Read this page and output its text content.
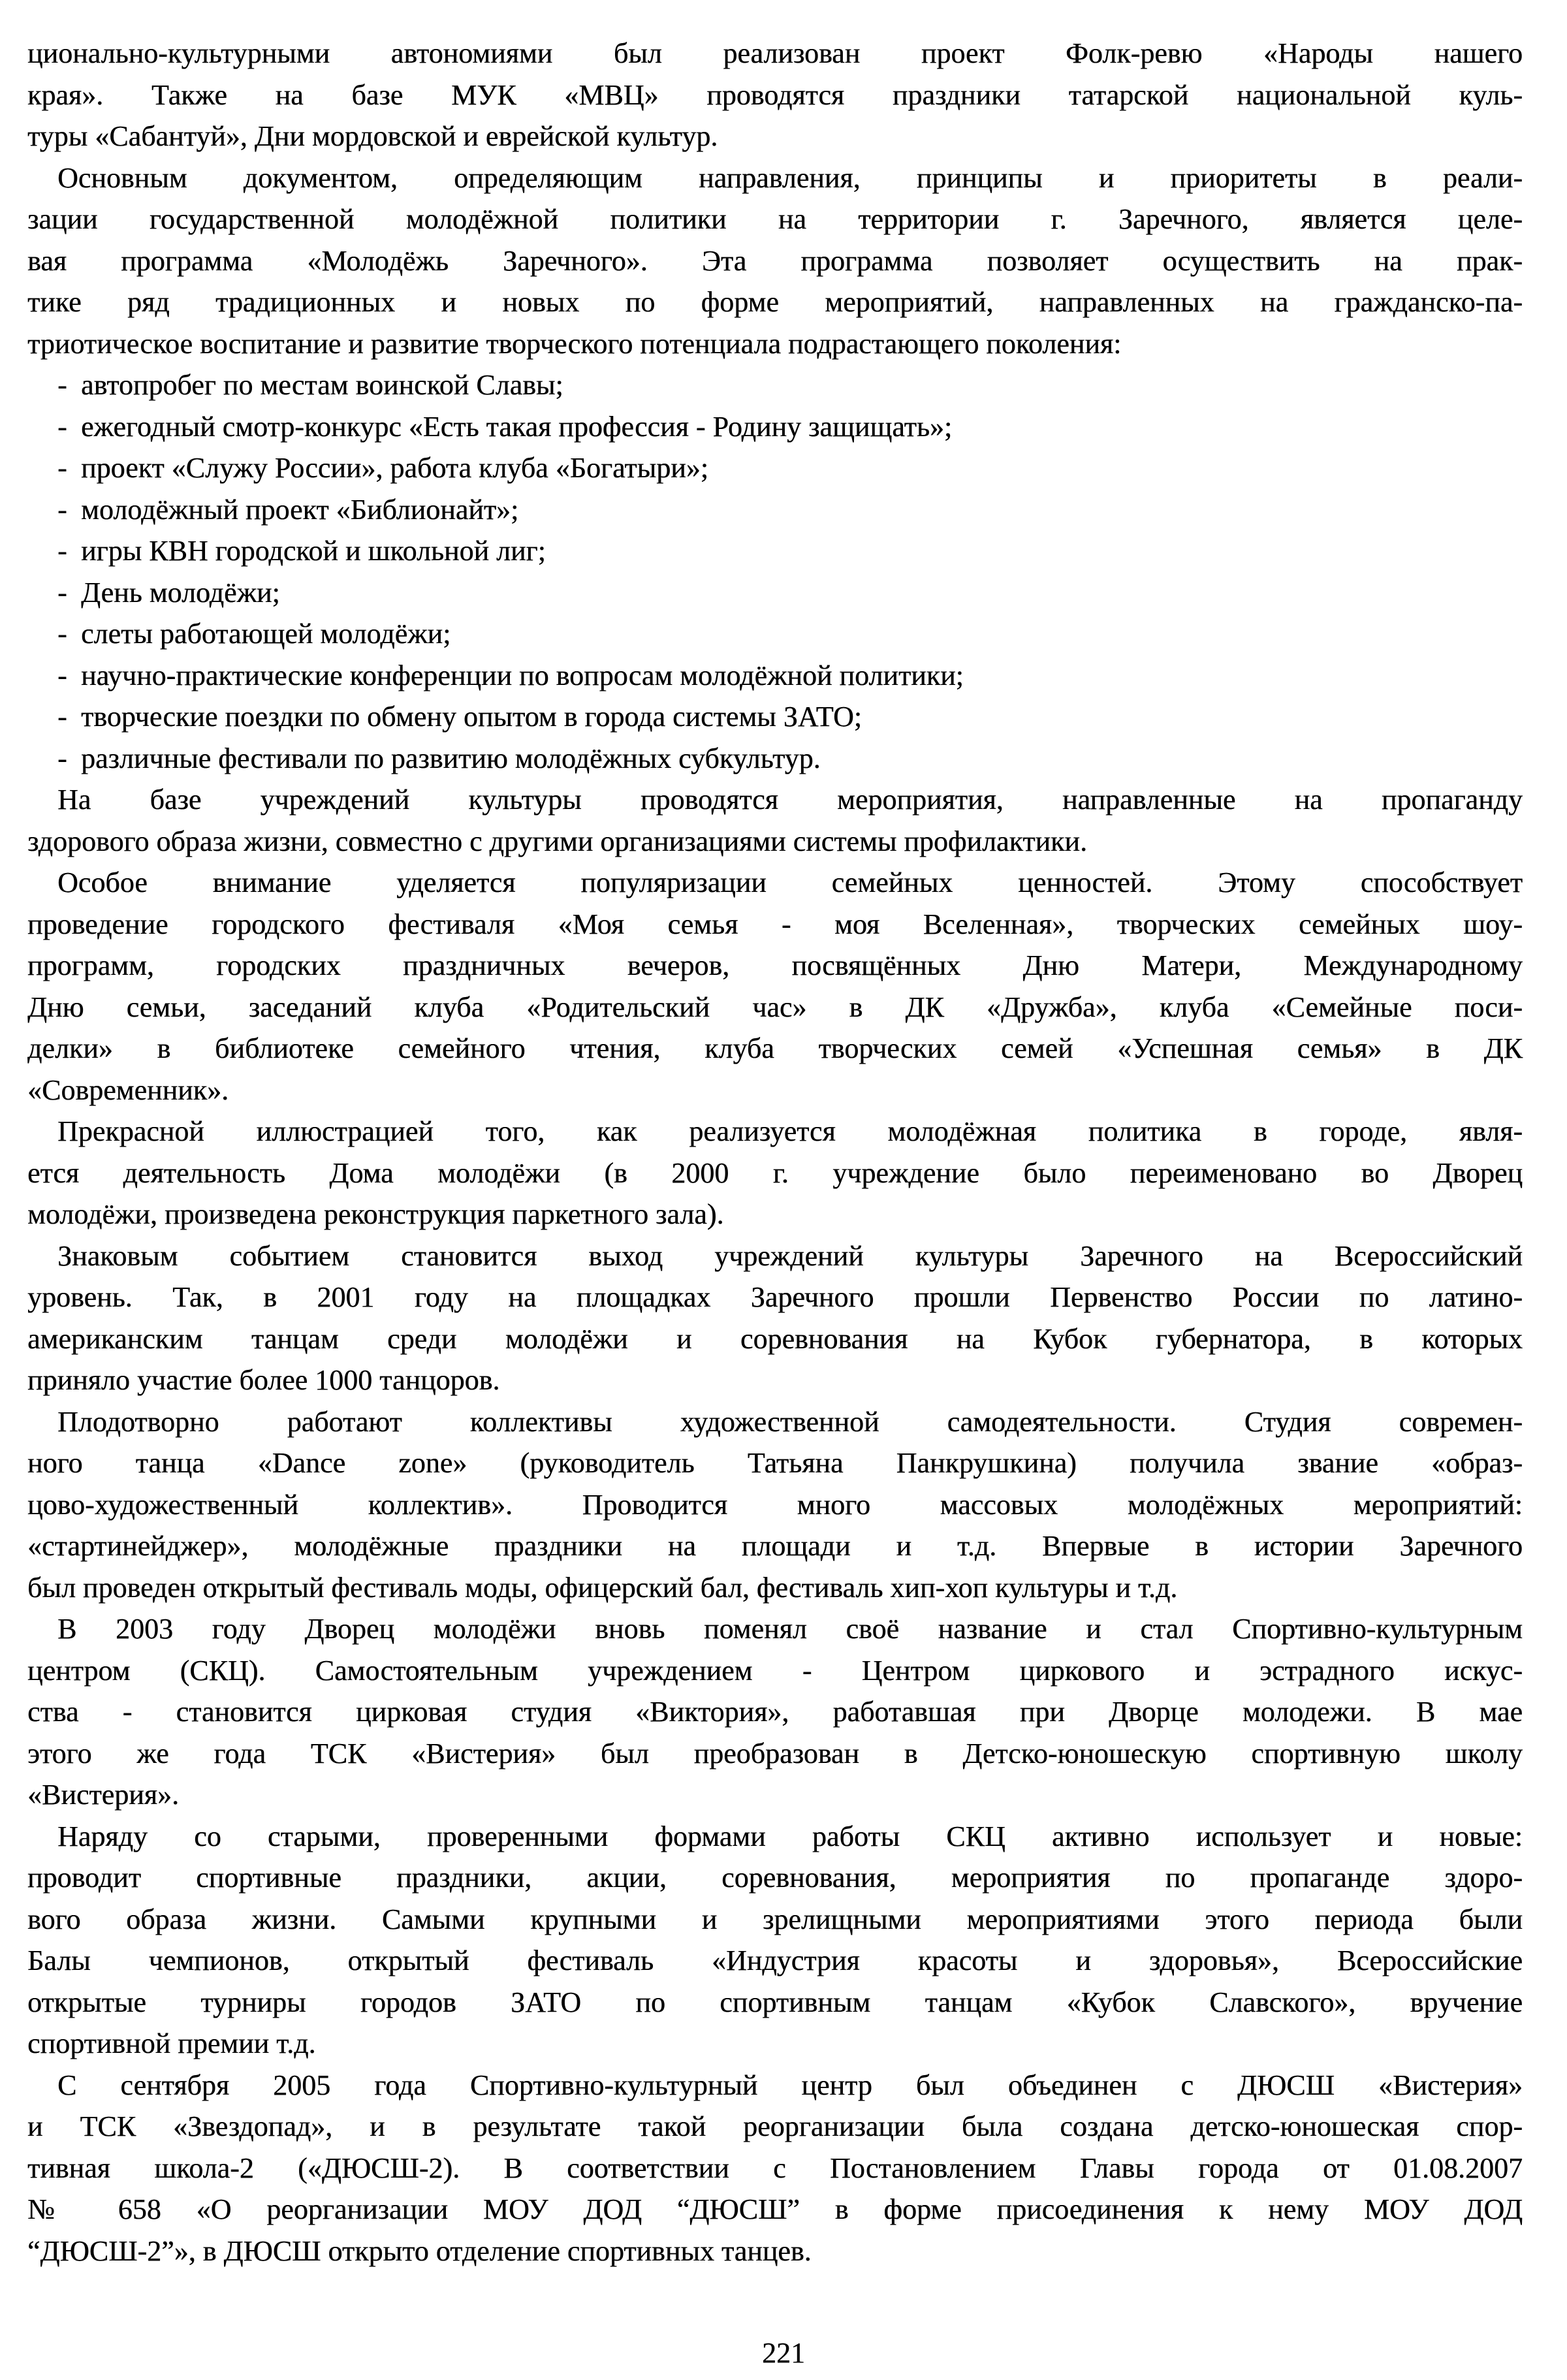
ционально-культурными автономиями был реализован проект Фолк-ревю «Народы нашего
края». Также на базе МУК «МВЦ» проводятся праздники татарской национальной куль-
туры «Сабантуй», Дни мордовской и еврейской культур.
Основным документом, определяющим направления, принципы и приоритеты в реали-
зации государственной молодёжной политики на территории г. Заречного, является целе-
вая программа «Молодёжь Заречного». Эта программа позволяет осуществить на прак-
тике ряд традиционных и новых по форме мероприятий, направленных на гражданско-па-
триотическое воспитание и развитие творческого потенциала подрастающего поколения:
- автопробег по местам воинской Славы;
- ежегодный смотр-конкурс «Есть такая профессия - Родину защищать»;
- проект «Служу России», работа клуба «Богатыри»;
- молодёжный проект «Библионайт»;
- игры КВН городской и школьной лиг;
- День молодёжи;
- слеты работающей молодёжи;
- научно-практические конференции по вопросам молодёжной политики;
- творческие поездки по обмену опытом в города системы ЗАТО;
- различные фестивали по развитию молодёжных субкультур.
На базе учреждений культуры проводятся мероприятия, направленные на пропаганду
здорового образа жизни, совместно с другими организациями системы профилактики.
Особое внимание уделяется популяризации семейных ценностей. Этому способствует
проведение городского фестиваля «Моя семья - моя Вселенная», творческих семейных шоу-
программ, городских праздничных вечеров, посвящённых Дню Матери, Международному
Дню семьи, заседаний клуба «Родительский час» в ДК «Дружба», клуба «Семейные поси-
делки» в библиотеке семейного чтения, клуба творческих семей «Успешная семья» в ДК
«Современник».
Прекрасной иллюстрацией того, как реализуется молодёжная политика в городе, явля-
ется деятельность Дома молодёжи (в 2000 г. учреждение было переименовано во Дворец
молодёжи, произведена реконструкция паркетного зала).
Знаковым событием становится выход учреждений культуры Заречного на Всероссийский
уровень. Так, в 2001 году на площадках Заречного прошли Первенство России по латино-
американским танцам среди молодёжи и соревнования на Кубок губернатора, в которых
приняло участие более 1000 танцоров.
Плодотворно работают коллективы художественной самодеятельности. Студия современ-
ного танца «Dance zone» (руководитель Татьяна Панкрушкина) получила звание «образ-
цово-художественный коллектив». Проводится много массовых молодёжных мероприятий:
«стартинейджер», молодёжные праздники на площади и т.д. Впервые в истории Заречного
был проведен открытый фестиваль моды, офицерский бал, фестиваль хип-хоп культуры и т.д.
В 2003 году Дворец молодёжи вновь поменял своё название и стал Спортивно-культурным
центром (СКЦ). Самостоятельным учреждением - Центром циркового и эстрадного искус-
ства - становится цирковая студия «Виктория», работавшая при Дворце молодежи. В мае
этого же года ТСК «Вистерия» был преобразован в Детско-юношескую спортивную школу
«Вистерия».
Наряду со старыми, проверенными формами работы СКЦ активно использует и новые:
проводит спортивные праздники, акции, соревнования, мероприятия по пропаганде здоро-
вого образа жизни. Самыми крупными и зрелищными мероприятиями этого периода были
Балы чемпионов, открытый фестиваль «Индустрия красоты и здоровья», Всероссийские
открытые турниры городов ЗАТО по спортивным танцам «Кубок Славского», вручение
спортивной премии т.д.
С сентября 2005 года Спортивно-культурный центр был объединен с ДЮСШ «Вистерия»
и ТСК «Звездопад», и в результате такой реорганизации была создана детско-юношеская спор-
тивная школа-2 («ДЮСШ-2). В соответствии с Постановлением Главы города от 01.08.2007
№ 658 «О реорганизации МОУ ДОД “ДЮСШ” в форме присоединения к нему МОУ ДОД
“ДЮСШ-2”», в ДЮСШ открыто отделение спортивных танцев.
221
